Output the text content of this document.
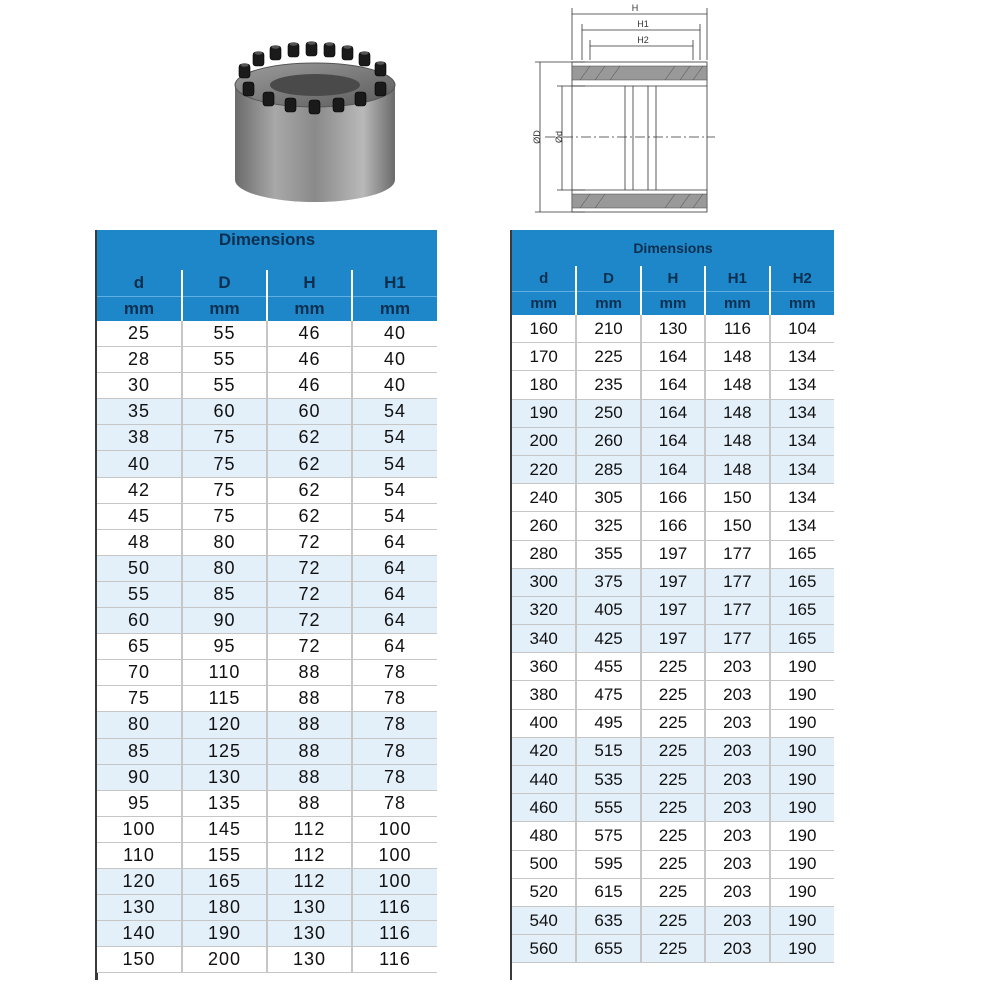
H
H1
H2
ØD Ød
Dimensions			
d	D	H	H1
mm	mm	mm	mm
25	55	46	40
28	55	46	40
30	55	46	40
35	60	60	54
38	75	62	54
40	75	62	54
42	75	62	54
45	75	62	54
48	80	72	64
50	80	72	64
55	85	72	64
60	90	72	64
65	95	72	64
70	110	88	78
75	115	88	78
80	120	88	78
85	125	88	78
90	130	88	78
95	135	88	78
100	145	112	100
110	155	112	100
120	165	112	100
130	180	130	116
140	190	130	116
150	200	130	116
Dimensions				
d	D	H	H1	H2
mm	mm	mm	mm	mm
160	210	130	116	104
170	225	164	148	134
180	235	164	148	134
190	250	164	148	134
200	260	164	148	134
220	285	164	148	134
240	305	166	150	134
260	325	166	150	134
280	355	197	177	165
300	375	197	177	165
320	405	197	177	165
340	425	197	177	165
360	455	225	203	190
380	475	225	203	190
400	495	225	203	190
420	515	225	203	190
440	535	225	203	190
460	555	225	203	190
480	575	225	203	190
500	595	225	203	190
520	615	225	203	190
540	635	225	203	190
560	655	225	203	190
